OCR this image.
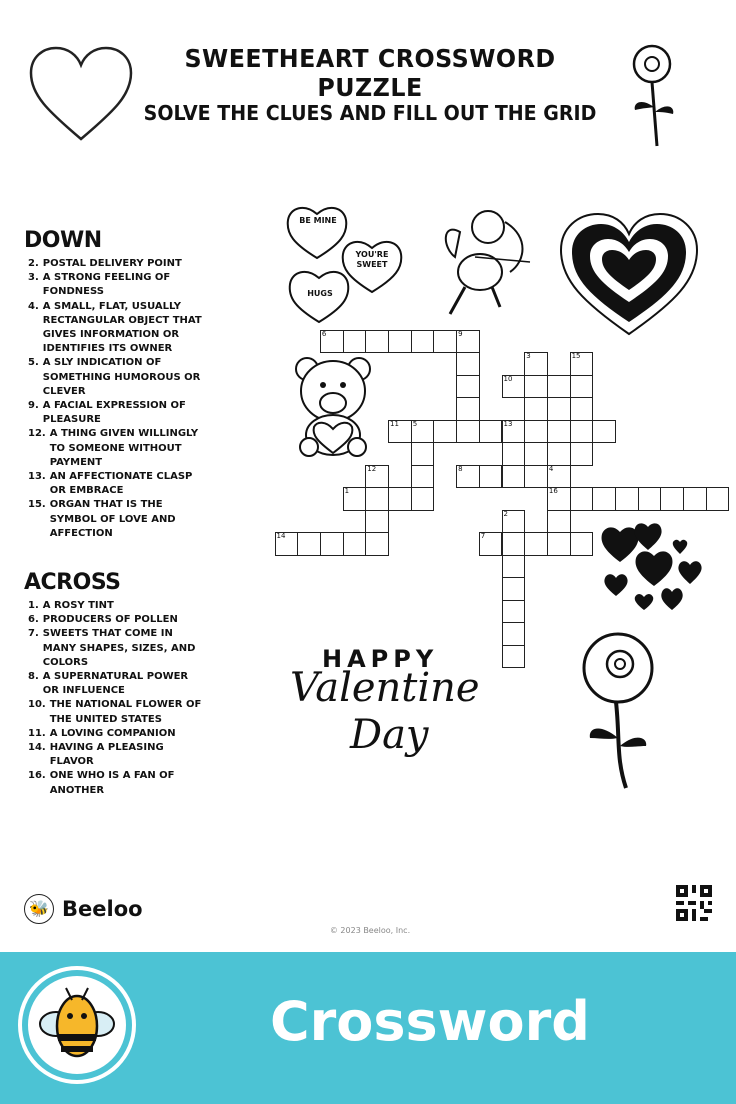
SWEETHEART CROSSWORD PUZZLE
SOLVE THE CLUES AND FILL OUT THE GRID
DOWN
2. POSTAL DELIVERY POINT
3. A STRONG FEELING OF FONDNESS
4. A SMALL, FLAT, USUALLY RECTANGULAR OBJECT THAT GIVES INFORMATION OR IDENTIFIES ITS OWNER
5. A SLY INDICATION OF SOMETHING HUMOROUS OR CLEVER
9. A FACIAL EXPRESSION OF PLEASURE
12. A THING GIVEN WILLINGLY TO SOMEONE WITHOUT PAYMENT
13. AN AFFECTIONATE CLASP OR EMBRACE
15. ORGAN THAT IS THE SYMBOL OF LOVE AND AFFECTION
ACROSS
1. A ROSY TINT
6. PRODUCERS OF POLLEN
7. SWEETS THAT COME IN MANY SHAPES, SIZES, AND COLORS
8. A SUPERNATURAL POWER OR INFLUENCE
10. THE NATIONAL FLOWER OF THE UNITED STATES
11. A LOVING COMPANION
14. HAVING A PLEASING FLAVOR
16. ONE WHO IS A FAN OF ANOTHER
BE MINE
YOU'RE SWEET
HUGS
HAPPY
Valentine
Day
6	9
3	15
10
11 5	13
8
12	4
16
1
2
14	7
🐝 Beeloo
© 2023 Beeloo, Inc.
Crossword
